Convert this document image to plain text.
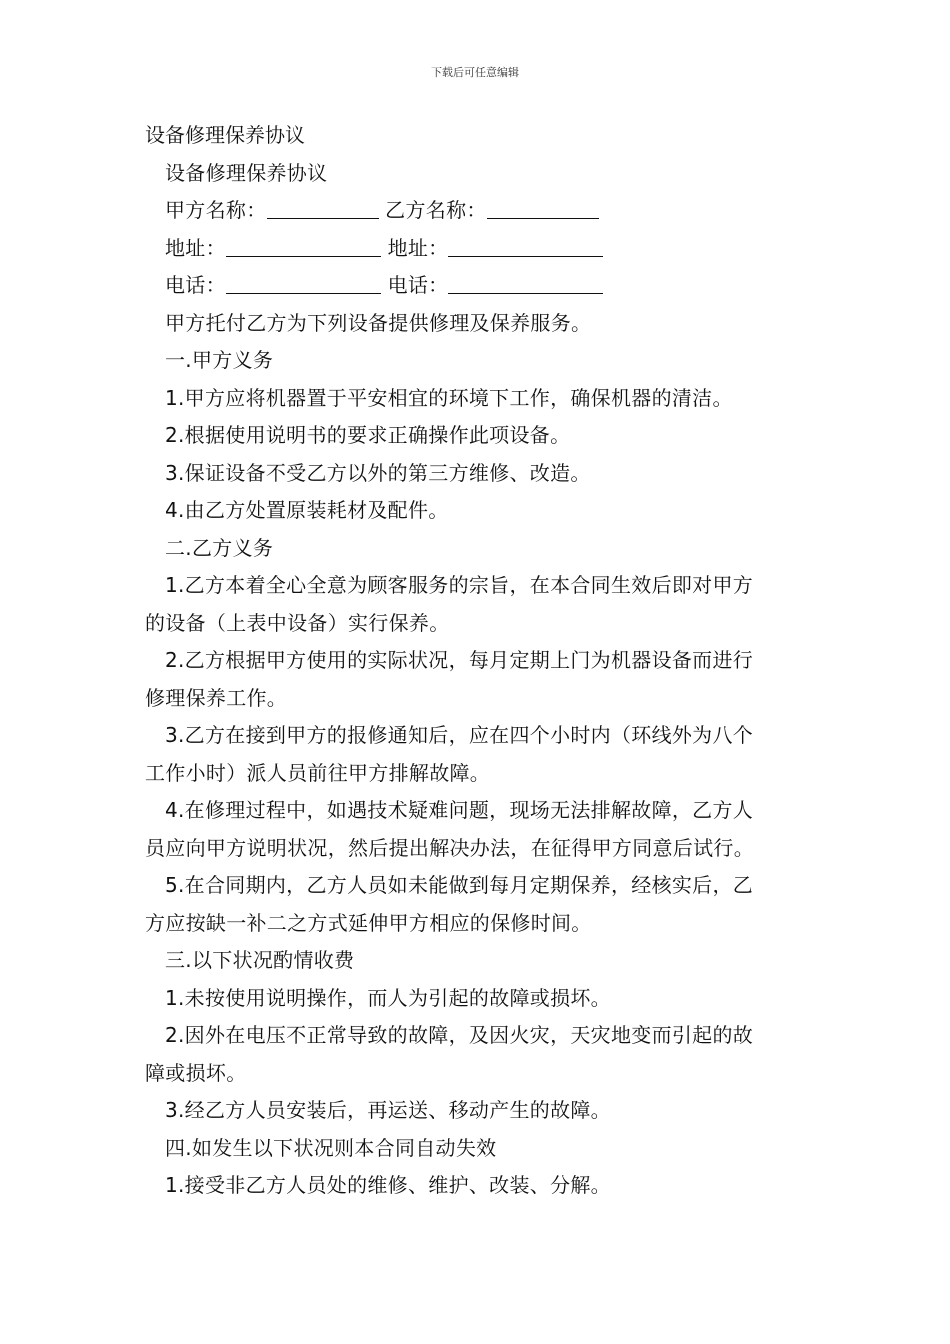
下载后可任意编辑
设备修理保养协议
设备修理保养协议
甲方名称：	乙方名称：
地址：	地址：
电话：	电话：
甲方托付乙方为下列设备提供修理及保养服务。
一.甲方义务
1.甲方应将机器置于平安相宜的环境下工作，确保机器的清洁。
2.根据使用说明书的要求正确操作此项设备。
3.保证设备不受乙方以外的第三方维修、改造。
4.由乙方处置原装耗材及配件。
二.乙方义务
1.乙方本着全心全意为顾客服务的宗旨，在本合同生效后即对甲方
的设备（上表中设备）实行保养。
2.乙方根据甲方使用的实际状况，每月定期上门为机器设备而进行
修理保养工作。
3.乙方在接到甲方的报修通知后，应在四个小时内（环线外为八个
工作小时）派人员前往甲方排解故障。
4.在修理过程中，如遇技术疑难问题，现场无法排解故障，乙方人
员应向甲方说明状况，然后提出解决办法，在征得甲方同意后试行。
5.在合同期内，乙方人员如未能做到每月定期保养，经核实后，乙
方应按缺一补二之方式延伸甲方相应的保修时间。
三.以下状况酌情收费
1.未按使用说明操作，而人为引起的故障或损坏。
2.因外在电压不正常导致的故障，及因火灾，天灾地变而引起的故
障或损坏。
3.经乙方人员安装后，再运送、移动产生的故障。
四.如发生以下状况则本合同自动失效
1.接受非乙方人员处的维修、维护、改装、分解。
